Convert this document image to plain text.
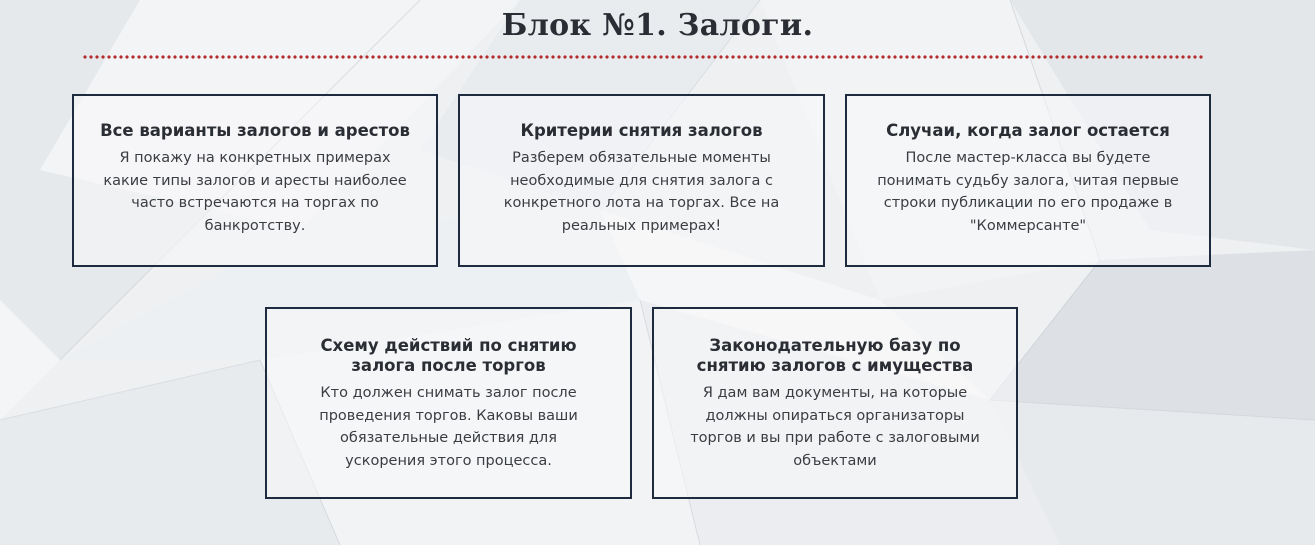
Блок №1. Залоги.
Все варианты залогов и арестов
Я покажу на конкретных примерах какие типы залогов и аресты наиболее часто встречаются на торгах по банкротству.
Критерии снятия залогов
Разберем обязательные моменты необходимые для снятия залога с конкретного лота на торгах. Все на реальных примерах!
Случаи, когда залог остается
После мастер-класса вы будете понимать судьбу залога, читая первые строки публикации по его продаже в "Коммерсанте"
Схему действий по снятию залога после торгов
Кто должен снимать залог после проведения торгов. Каковы ваши обязательные действия для ускорения этого процесса.
Законодательную базу по снятию залогов с имущества
Я дам вам документы, на которые должны опираться организаторы торгов и вы при работе с залоговыми объектами
